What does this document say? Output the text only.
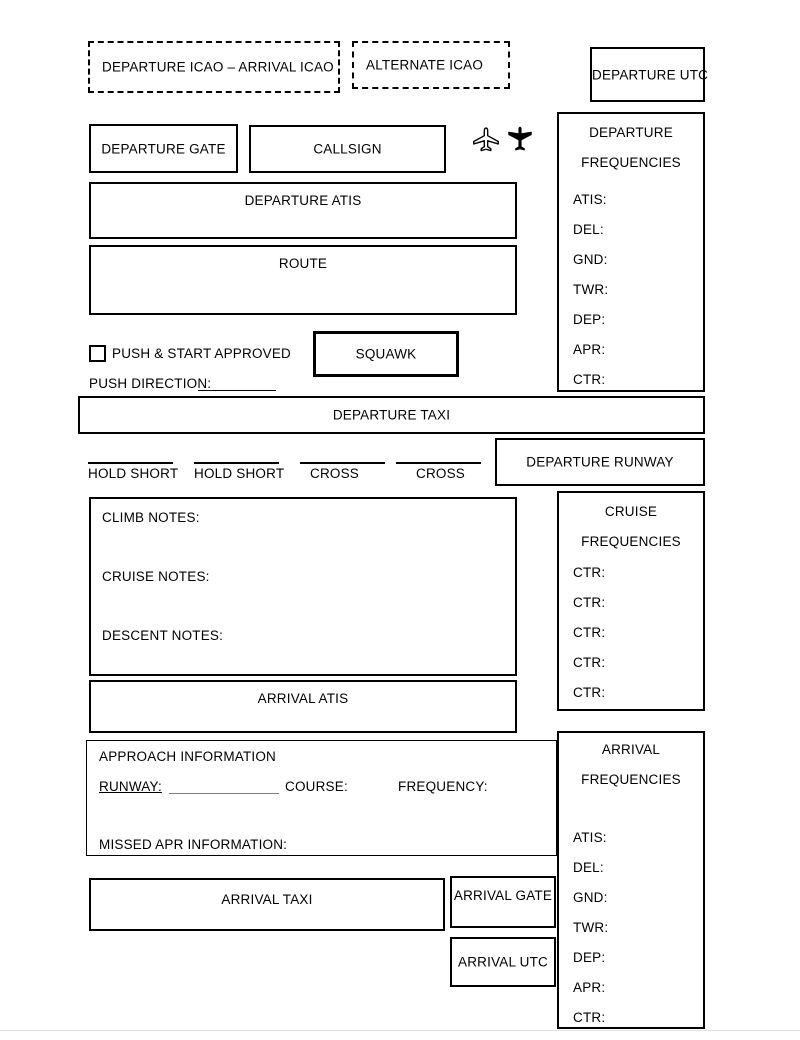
DEPARTURE ICAO – ARRIVAL ICAO ALTERNATE ICAO
DEPARTURE UTC
DEPARTURE
FREQUENCIES
ATIS:
DEL:
GND:
TWR:
DEP:
APR:
CTR:
DEPARTURE GATE	CALLSIGN
DEPARTURE ATIS
ROUTE
PUSH & START APPROVED
PUSH DIRECTION:
SQUAWK
DEPARTURE TAXI
HOLD SHORT HOLD SHORT CROSS	CROSS
DEPARTURE RUNWAY
CRUISE
FREQUENCIES
CTR:
CTR:
CTR:
CTR:
CTR:
CLIMB NOTES:
CRUISE NOTES:
DESCENT NOTES:
ARRIVAL ATIS
ARRIVAL
FREQUENCIES
ATIS:
DEL:
GND:
TWR:
DEP:
APR:
CTR:
APPROACH INFORMATION
RUNWAY:	COURSE:	FREQUENCY:
MISSED APR INFORMATION:
ARRIVAL TAXI	ARRIVAL GATE
ARRIVAL UTC
